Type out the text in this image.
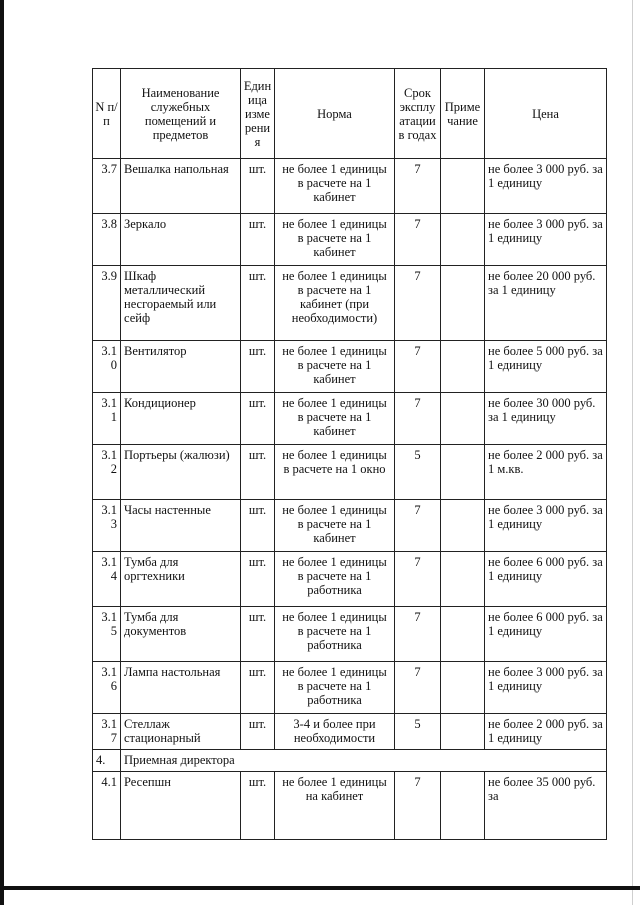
N п/п	Наименование служебных помещений и предметов	Единица измерения	Норма	Срок эксплуатации в годах	Примечание	Цена
3.7	Вешалка напольная	шт.	не более 1 единицы в расчете на 1 кабинет	7		не более 3 000 руб. за 1 единицу
3.8	Зеркало	шт.	не более 1 единицы в расчете на 1 кабинет	7		не более 3 000 руб. за 1 единицу
3.9	Шкаф металлический несгораемый или сейф	шт.	не более 1 единицы в расчете на 1 кабинет (при необходимости)	7		не более 20 000 руб. за 1 единицу
3.10	Вентилятор	шт.	не более 1 единицы в расчете на 1 кабинет	7		не более 5 000 руб. за 1 единицу
3.11	Кондиционер	шт.	не более 1 единицы в расчете на 1 кабинет	7		не более 30 000 руб. за 1 единицу
3.12	Портьеры (жалюзи)	шт.	не более 1 единицы в расчете на 1 окно	5		не более 2 000 руб. за 1 м.кв.
3.13	Часы настенные	шт.	не более 1 единицы в расчете на 1 кабинет	7		не более 3 000 руб. за 1 единицу
3.14	Тумба для оргтехники	шт.	не более 1 единицы в расчете на 1 работника	7		не более 6 000 руб. за 1 единицу
3.15	Тумба для документов	шт.	не более 1 единицы в расчете на 1 работника	7		не более 6 000 руб. за 1 единицу
3.16	Лампа настольная	шт.	не более 1 единицы в расчете на 1 работника	7		не более 3 000 руб. за 1 единицу
3.17	Стеллаж стационарный	шт.	3-4 и более при необходимости	5		не более 2 000 руб. за 1 единицу
4.	Приемная директора					
4.1	Ресепшн	шт.	не более 1 единицы на кабинет	7		не более 35 000 руб. за
